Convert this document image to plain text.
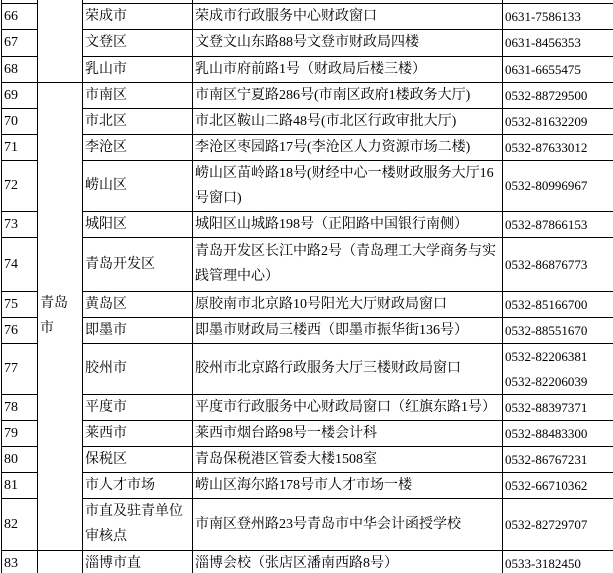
66		荣成市	荣成市行政服务中心财政窗口	0631-7586133
67		文登区	文登文山东路88号文登市财政局四楼	0631-8456353
68		乳山市	乳山市府前路1号（财政局后楼三楼）	0631-6655475
69	青岛市	市南区	市南区宁夏路286号(市南区政府1楼政务大厅)	0532-88729500
70		市北区	市北区鞍山二路48号(市北区行政审批大厅)	0532-81632209
71		李沧区	李沧区枣园路17号(李沧区人力资源市场二楼)	0532-87633012
72		崂山区	崂山区苗岭路18号(财经中心一楼财政服务大厅16号窗口)	0532-80996967
73		城阳区	城阳区山城路198号（正阳路中国银行南侧）	0532-87866153
74		青岛开发区	青岛开发区长江中路2号（青岛理工大学商务与实践管理中心）	0532-86876773
75		黄岛区	原胶南市北京路10号阳光大厅财政局窗口	0532-85166700
76		即墨市	即墨市财政局三楼西（即墨市振华街136号）	0532-88551670
77		胶州市	胶州市北京路行政服务大厅三楼财政局窗口	0532-82206381
0532-82206039

78		平度市	平度市行政服务中心财政局窗口（红旗东路1号）	0532-88397371
79		莱西市	莱西市烟台路98号一楼会计科	0532-88483300
80		保税区	青岛保税港区管委大楼1508室	0532-86767231
81		市人才市场	崂山区海尔路178号市人才市场一楼	0532-66710362
82		市直及驻青单位审核点	市南区登州路23号青岛市中华会计函授学校	0532-82729707
83		淄博市直	淄博会校（张店区潘南西路8号）	0533-3182450
